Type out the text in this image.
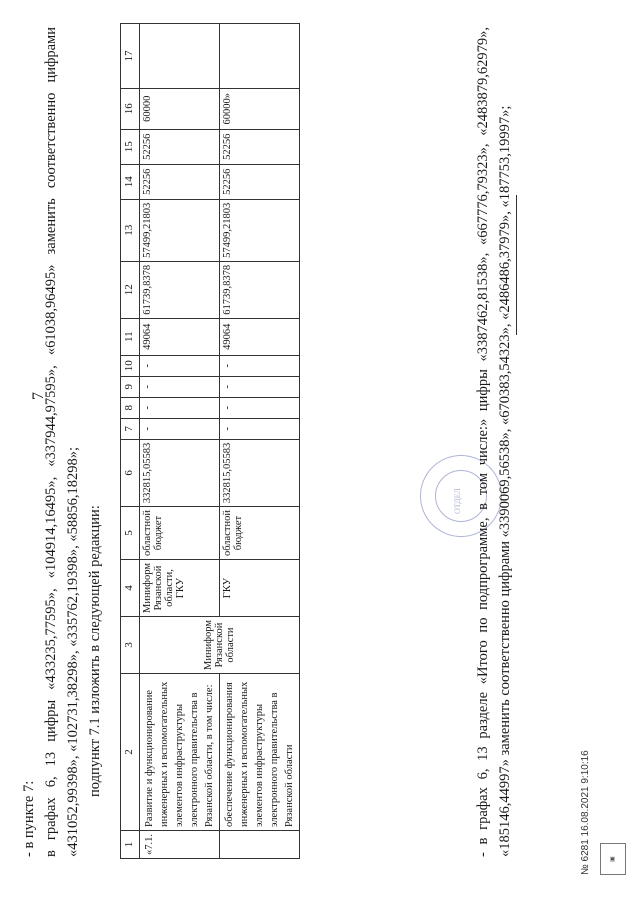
7

- в пункте 7: в графах 6, 13 цифры «433235,77595», «104914,16495», «337944,97595», «61038,96495» заменить соответственно цифрами «431052,99398», «102731,38298», «335762,19398», «58856,18298»; подпункт 7.1 изложить в следующей редакции:

1	2	3	4	5	6	7	8	9	10	11	12	13	14	15	16	17
«7.1.	Развитие и функционирование инженерных и вспомогательных элементов инфраструктуры электронного правительства в Рязанской области, в том числе:	Миниформ Рязанской области	Миниформ Рязанской области, ГКУ	областной бюджет	332815,05583	-	-	-	-	49064	61739,8378	57499,21803	52256	52256	60000	
	обеспечение функционирования инженерных и вспомогательных элементов инфраструктуры электронного правительства в Рязанской области		ГКУ	областной бюджет	332815,05583	-	-	-	-	49064	61739,8378	57499,21803	52256	52256	60000»	
ОТДЕЛ - в графах 6, 13 разделе «Итого по подпрограмме, в том числе:» цифры «3387462,81538», «667776,79323», «2483879,62979», «185146,44997» заменить соответственно цифрами «3390069,56538», «670383,54323», «2486486,37979», «187753,19997»;	№ 6281 16.08.2021 9:10:16	▣
